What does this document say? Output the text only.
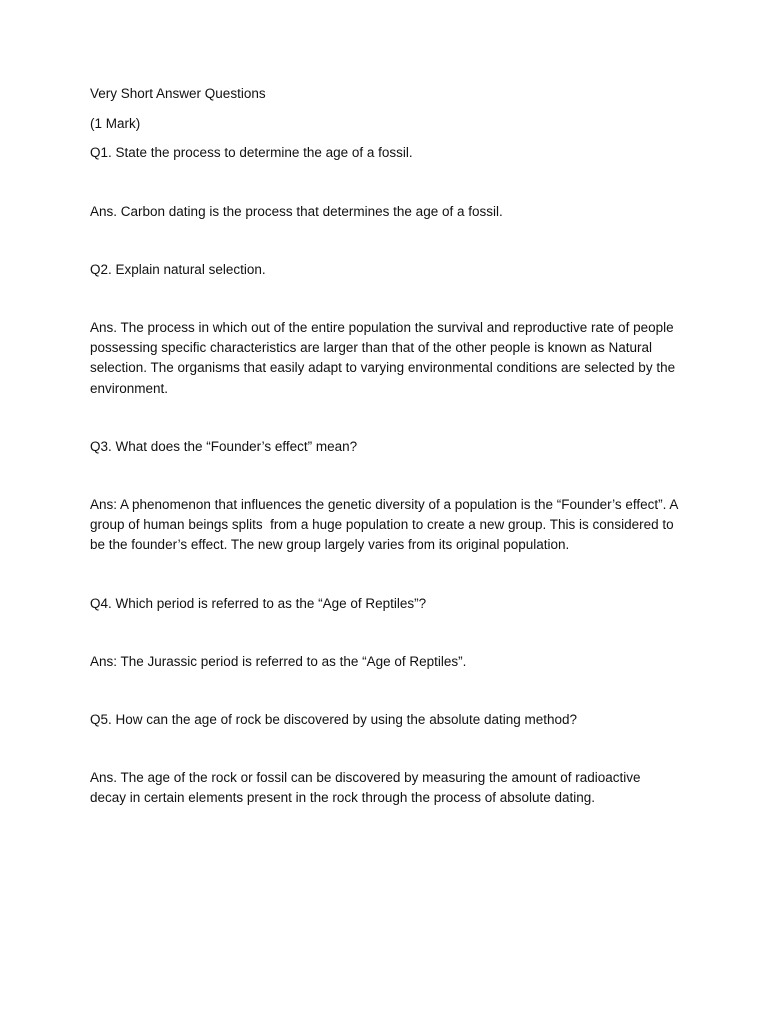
Very Short Answer Questions

(1 Mark)

Q1. State the process to determine the age of a fossil.

Ans. Carbon dating is the process that determines the age of a fossil.

Q2. Explain natural selection.

Ans. The process in which out of the entire population the survival and reproductive rate of people possessing specific characteristics are larger than that of the other people is known as Natural selection. The organisms that easily adapt to varying environmental conditions are selected by the environment.

Q3. What does the “Founder’s effect” mean?

Ans: A phenomenon that influences the genetic diversity of a population is the “Founder’s effect”. A group of human beings splits  from a huge population to create a new group. This is considered to be the founder’s effect. The new group largely varies from its original population.

Q4. Which period is referred to as the “Age of Reptiles”?

Ans: The Jurassic period is referred to as the “Age of Reptiles”.

Q5. How can the age of rock be discovered by using the absolute dating method?

Ans. The age of the rock or fossil can be discovered by measuring the amount of radioactive decay in certain elements present in the rock through the process of absolute dating.
